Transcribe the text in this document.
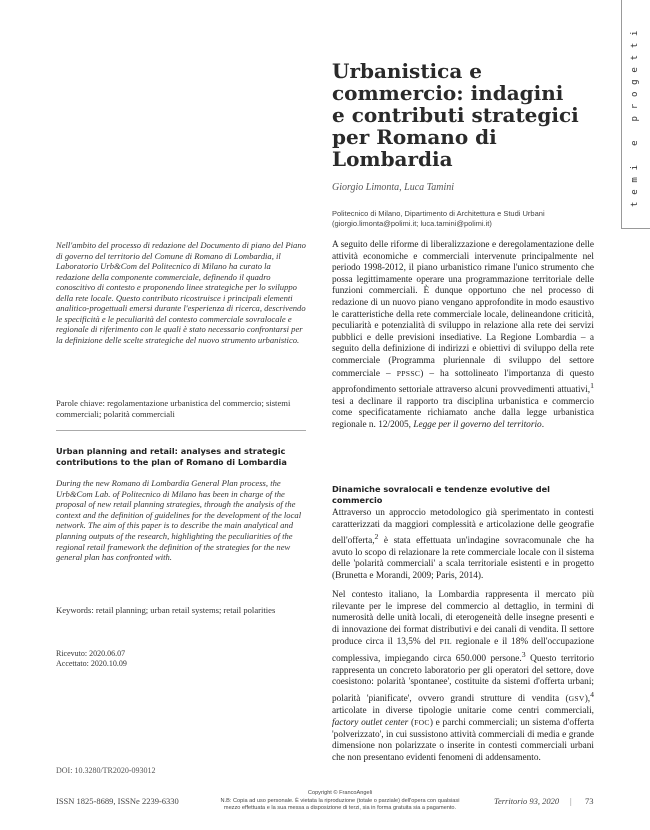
temi e progetti
Urbanistica e commercio: indagini e contributi strategici per Romano di Lombardia
Giorgio Limonta, Luca Tamini
Politecnico di Milano, Dipartimento di Architettura e Studi Urbani
(giorgio.limonta@polimi.it; luca.tamini@polimi.it)

Nell'ambito del processo di redazione del Documento di piano del Piano di governo del territorio del Comune di Romano di Lombardia, il Laboratorio Urb&Com del Politecnico di Milano ha curato la redazione della componente commerciale, definendo il quadro conoscitivo di contesto e proponendo linee strategiche per lo sviluppo della rete locale. Questo contributo ricostruisce i principali elementi analitico-progettuali emersi durante l'esperienza di ricerca, descrivendo le specificità e le peculiarità del contesto commerciale sovralocale e regionale di riferimento con le quali è stato necessario confrontarsi per la definizione delle scelte strategiche del nuovo strumento urbanistico.

Parole chiave: regolamentazione urbanistica del commercio; sistemi commerciali; polarità commerciali

Urban planning and retail: analyses and strategic contributions to the plan of Romano di Lombardia

During the new Romano di Lombardia General Plan process, the Urb&Com Lab. of Politecnico di Milano has been in charge of the proposal of new retail planning strategies, through the analysis of the context and the definition of guidelines for the development of the local network. The aim of this paper is to describe the main analytical and planning outputs of the research, highlighting the peculiarities of the regional retail framework the definition of the strategies for the new general plan has confronted with.

Keywords: retail planning; urban retail systems; retail polarities

Ricevuto: 2020.06.07
Accettato: 2020.10.09
DOI: 10.3280/TR2020-093012

A seguito delle riforme di liberalizzazione e deregolamentazione delle attività economiche e commerciali intervenute principalmente nel periodo 1998-2012, il piano urbanistico rimane l'unico strumento che possa legittimamente operare una programmazione territoriale delle funzioni commerciali. È dunque opportuno che nel processo di redazione di un nuovo piano vengano approfondite in modo esaustivo le caratteristiche della rete commerciale locale, delineandone criticità, peculiarità e potenzialità di sviluppo in relazione alla rete dei servizi pubblici e delle previsioni insediative. La Regione Lombardia – a seguito della definizione di indirizzi e obiettivi di sviluppo della rete commerciale (Programma pluriennale di sviluppo del settore commerciale – PPSSC) – ha sottolineato l'importanza di questo approfondimento settoriale attraverso alcuni provvedimenti attuativi,$^1$ tesi a declinare il rapporto tra disciplina urbanistica e commercio come specificatamente richiamato anche dalla legge urbanistica regionale n. 12/2005, Legge per il governo del territorio.

Dinamiche sovralocali e tendenze evolutive del commercio

Attraverso un approccio metodologico già sperimentato in contesti caratterizzati da maggiori complessità e articolazione delle geografie dell'offerta,$^2$ è stata effettuata un'indagine sovracomunale che ha avuto lo scopo di relazionare la rete commerciale locale con il sistema delle 'polarità commerciali' a scala territoriale esistenti e in progetto (Brunetta e Morandi, 2009; Paris, 2014).

Nel contesto italiano, la Lombardia rappresenta il mercato più rilevante per le imprese del commercio al dettaglio, in termini di numerosità delle unità locali, di eterogeneità delle insegne presenti e di innovazione dei format distributivi e dei canali di vendita. Il settore produce circa il 13,5% del PIL regionale e il 18% dell'occupazione complessiva, impiegando circa 650.000 persone.$^3$ Questo territorio rappresenta un concreto laboratorio per gli operatori del settore, dove coesistono: polarità 'spontanee', costituite da sistemi d'offerta urbani; polarità 'pianificate', ovvero grandi strutture di vendita (GSV),$^4$ articolate in diverse tipologie unitarie come centri commerciali, factory outlet center (FOC) e parchi commerciali; un sistema d'offerta 'polverizzato', in cui sussistono attività commerciali di media e grande dimensione non polarizzate o inserite in contesti commerciali urbani che non presentano evidenti fenomeni di addensamento.

ISSN 1825-8689, ISSNe 2239-6330
Copyright © FrancoAngeli
N.B: Copia ad uso personale. È vietata la riproduzione (totale o parziale) dell'opera con qualsiasi
mezzo effettuata e la sua messa a disposizione di terzi, sia in forma gratuita sia a pagamento.
Territorio 93, 2020 | 73
